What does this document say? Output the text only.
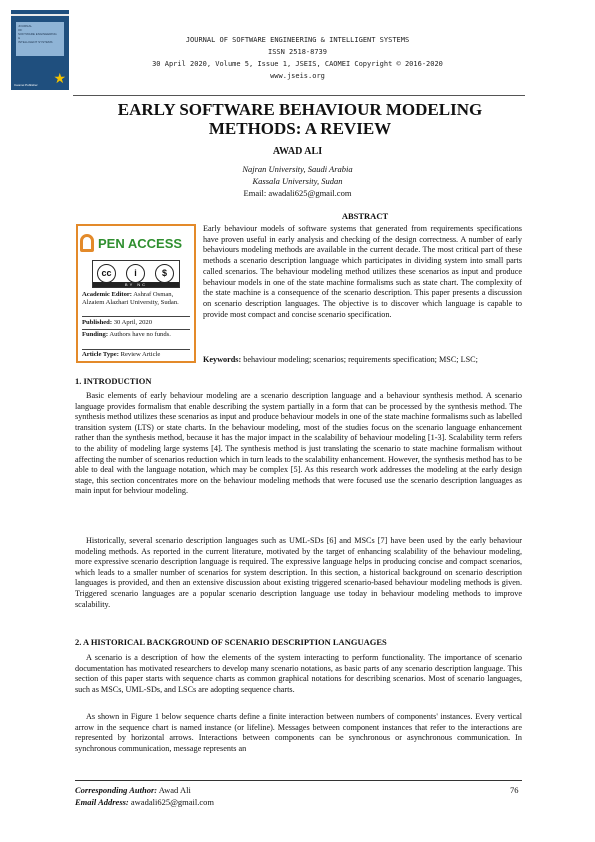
JOURNAL
OF
SOFTWARE ENGINEERING
&
INTELLIGENT SYSTEMS
★
Caomei Publisher
JOURNAL OF SOFTWARE ENGINEERING & INTELLIGENT SYSTEMS
ISSN 2518-8739
30 April 2020, Volume 5, Issue 1, JSEIS, CAOMEI Copyright © 2016-2020
www.jseis.org
EARLY SOFTWARE BEHAVIOUR MODELING
METHODS: A REVIEW
AWAD ALI
Najran University, Saudi Arabia
Kassala University, Sudan
Email: awadali625@gmail.com
ABSTRACT
Early behaviour models of software systems that generated from requirements specifications have proven useful in early analysis and checking of the design correctness. A number of early behaviours modeling methods are available in the current decade. The most critical part of these methods a scenario description language which participates in dividing system into small parts called scenarios. The behaviour modeling method utilizes these scenarios as input and produce behaviour models in one of the state machine formalisms such as state chart. The complexity of the state machine is a consequence of the scenario description. This paper presents a discussion on scenario description languages. The objective is to discover which language is capable to provide most compact and concise scenario specification.
Keywords: behaviour modeling; scenarios; requirements specification; MSC; LSC;
PEN ACCESS
cc	i	$
BY NC
Academic Editor: Ashraf Osman, Alzaiem Alazhari University, Sudan.
Published: 30 April, 2020
Funding: Authors have no funds.
Article Type: Review Article
1. INTRODUCTION
Basic elements of early behaviour modeling are a scenario description language and a behaviour synthesis method. A scenario language provides formalism that enable describing the system partially in a form that can be processed by the synthesis method. The synthesis method utilizes these scenarios as input and produce behaviour models in one of the state machine formalisms such as labelled transition system (LTS) or state charts. In the behaviour modeling, most of the studies focus on the scenario language enhancement rather than the synthesis method, because it has the major impact in the scalability of behaviour modeling [1-3]. Scalability term refers to the ability of modeling large systems [4]. The synthesis method is just translating the scenario to state machine formalism without affecting the number of scenarios reduction which in turn leads to the scalability enhancement. However, the synthesis method has to be able to deal with the language notation, which may be complex [5]. As this research work addresses the modeling at the early design stage, this section concentrates more on the behaviour modeling methods that were focused use the scenario description languages as main input for behviour modeling.
Historically, several scenario description languages such as UML-SDs [6] and MSCs [7] have been used by the early behaviour modeling methods. As reported in the current literature, motivated by the target of enhancing scalability of the behaviour modeling, more expressive scenario description language is required. The expressive language helps in producing concise and compact scenarios, which leads to a smaller number of scenarios for system description. In this section, a historical background on scenario description languages is provided, and then an extensive discussion about existing triggered scenario-based behaviour modeling methods is given. Triggered scenario languages are a popular scenario description language use today in behaviour modeling methods to improve scalability.
2. A HISTORICAL BACKGROUND OF SCENARIO DESCRIPTION LANGUAGES
A scenario is a description of how the elements of the system interacting to perform functionality. The importance of scenario documentation has motivated researchers to develop many scenario notations, as basic parts of any scenario description language. This section of this paper starts with sequence charts as common graphical notations for describing scenarios. Most of scenario languages, such as MSCs, UML-SDs, and LSCs are adopting sequence charts.
As shown in Figure 1 below sequence charts define a finite interaction between numbers of components' instances. Every vertical arrow in the sequence chart is named instance (or lifeline). Messages between component instances that refer to the interactions are represented by horizontal arrows. Interactions between components can be synchronous or asynchronous communication. In synchronous communication, message represents an
Corresponding Author: Awad Ali
Email Address: awadali625@gmail.com
76
